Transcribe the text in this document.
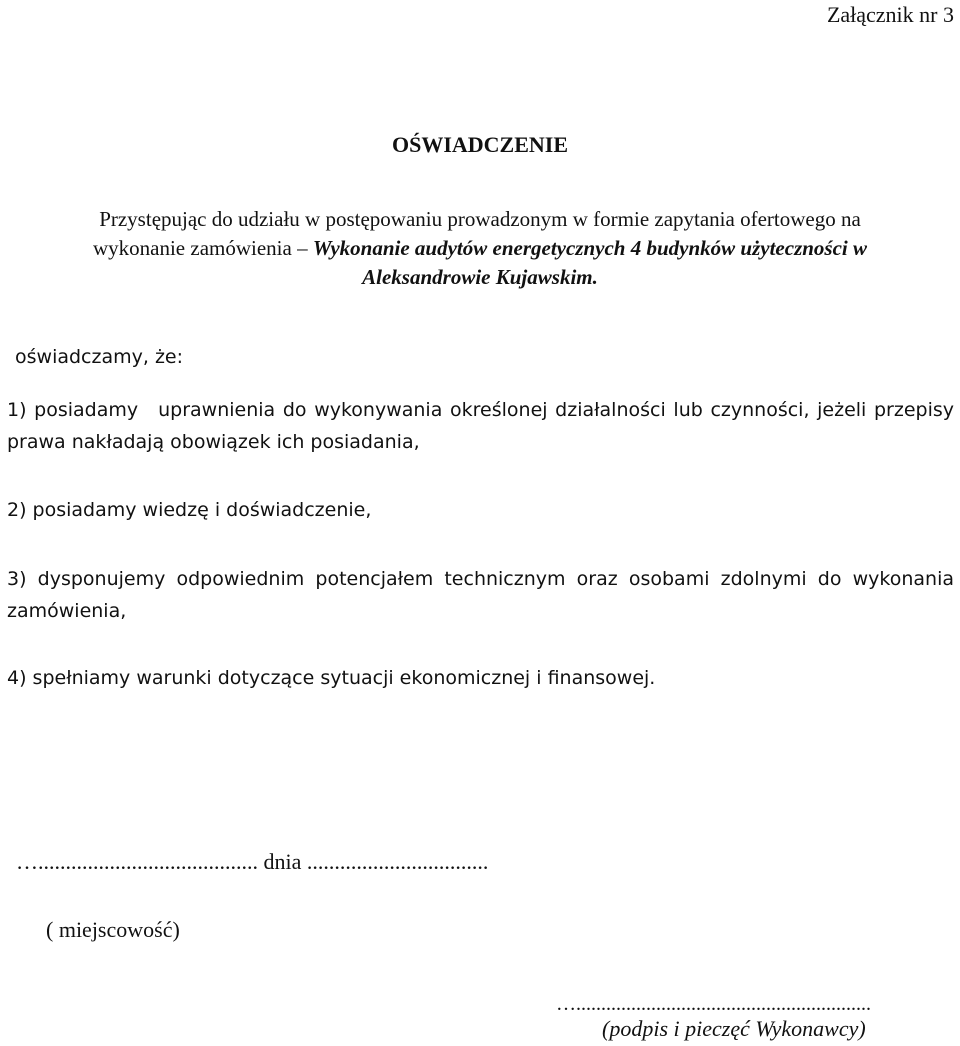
Załącznik nr 3
OŚWIADCZENIE
Przystępując do udziału w postępowaniu prowadzonym w formie zapytania ofertowego na
wykonanie zamówienia – Wykonanie audytów energetycznych 4 budynków użyteczności w
Aleksandrowie Kujawskim.
oświadczamy, że:
1) posiadamy uprawnienia do wykonywania określonej działalności lub czynności, jeżeli przepisy prawa nakładają obowiązek ich posiadania,
2) posiadamy wiedzę i doświadczenie,
3) dysponujemy odpowiednim potencjałem technicznym oraz osobami zdolnymi do wykonania zamówienia,
4) spełniamy warunki dotyczące sytuacji ekonomicznej i finansowej.
…........................................ dnia .................................
( miejscowość)
…...........................................................
(podpis i pieczęć Wykonawcy)
